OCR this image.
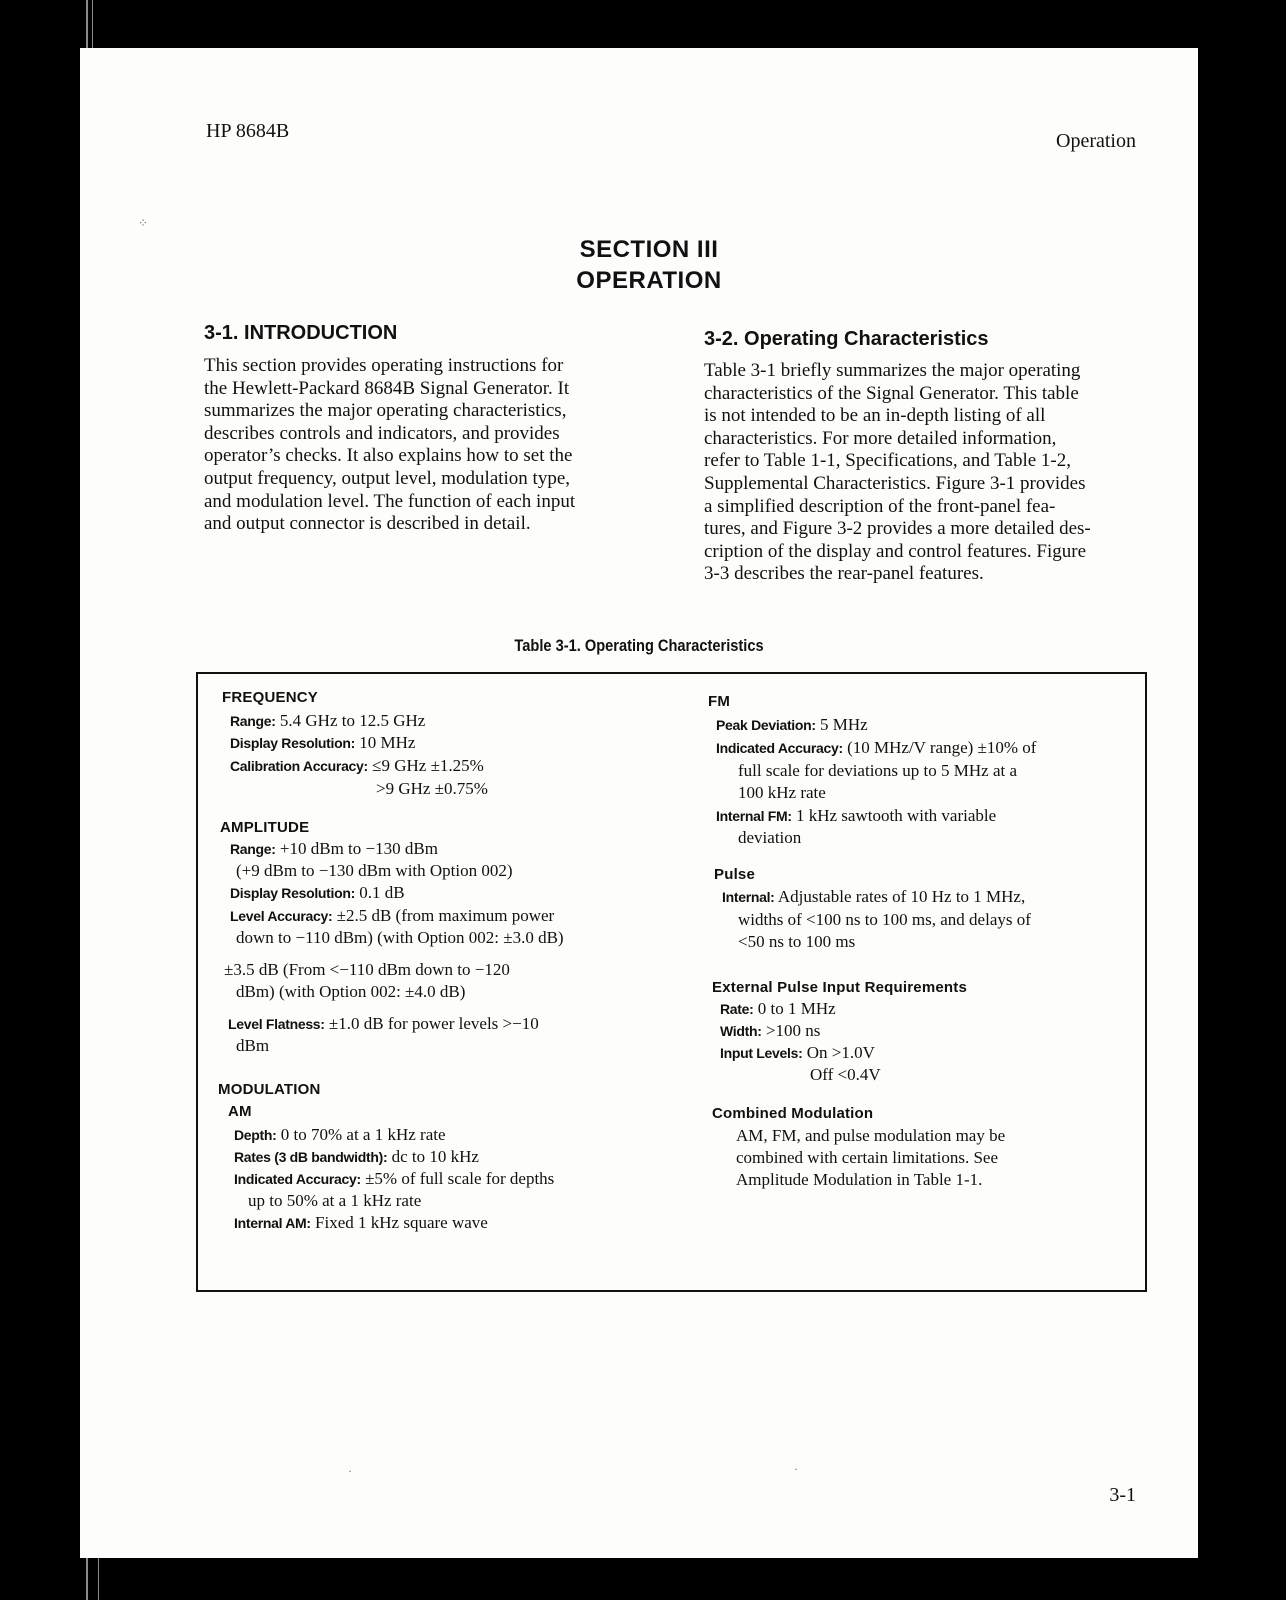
HP 8684B	Operation
⁘
SECTION III
OPERATION
3-1. INTRODUCTION
This section provides operating instructions for
the Hewlett-Packard 8684B Signal Generator. It
summarizes the major operating characteristics,
describes controls and indicators, and provides
operator’s checks. It also explains how to set the
output frequency, output level, modulation type,
and modulation level. The function of each input
and output connector is described in detail.
3-2. Operating Characteristics
Table 3-1 briefly summarizes the major operating
characteristics of the Signal Generator. This table
is not intended to be an in-depth listing of all
characteristics. For more detailed information,
refer to Table 1-1, Specifications, and Table 1-2,
Supplemental Characteristics. Figure 3-1 provides
a simplified description of the front-panel fea-
tures, and Figure 3-2 provides a more detailed des-
cription of the display and control features. Figure
3-3 describes the rear-panel features.
Table 3-1. Operating Characteristics
FREQUENCY
Range: 5.4 GHz to 12.5 GHz
Display Resolution: 10 MHz
Calibration Accuracy: ≤9 GHz ±1.25%
>9 GHz ±0.75%
AMPLITUDE
Range: +10 dBm to −130 dBm
(+9 dBm to −130 dBm with Option 002)
Display Resolution: 0.1 dB
Level Accuracy: ±2.5 dB (from maximum power
down to −110 dBm) (with Option 002: ±3.0 dB)
±3.5 dB (From <−110 dBm down to −120
dBm) (with Option 002: ±4.0 dB)
Level Flatness: ±1.0 dB for power levels >−10
dBm
MODULATION
AM
Depth: 0 to 70% at a 1 kHz rate
Rates (3 dB bandwidth): dc to 10 kHz
Indicated Accuracy: ±5% of full scale for depths
up to 50% at a 1 kHz rate
Internal AM: Fixed 1 kHz square wave
FM
Peak Deviation: 5 MHz
Indicated Accuracy: (10 MHz/V range) ±10% of
full scale for deviations up to 5 MHz at a
100 kHz rate
Internal FM: 1 kHz sawtooth with variable
deviation
Pulse
Internal: Adjustable rates of 10 Hz to 1 MHz,
widths of <100 ns to 100 ms, and delays of
<50 ns to 100 ms
External Pulse Input Requirements
Rate: 0 to 1 MHz
Width: >100 ns
Input Levels: On >1.0V
Off <0.4V
Combined Modulation
AM, FM, and pulse modulation may be
combined with certain limitations. See
Amplitude Modulation in Table 1-1.
·	·
3-1
